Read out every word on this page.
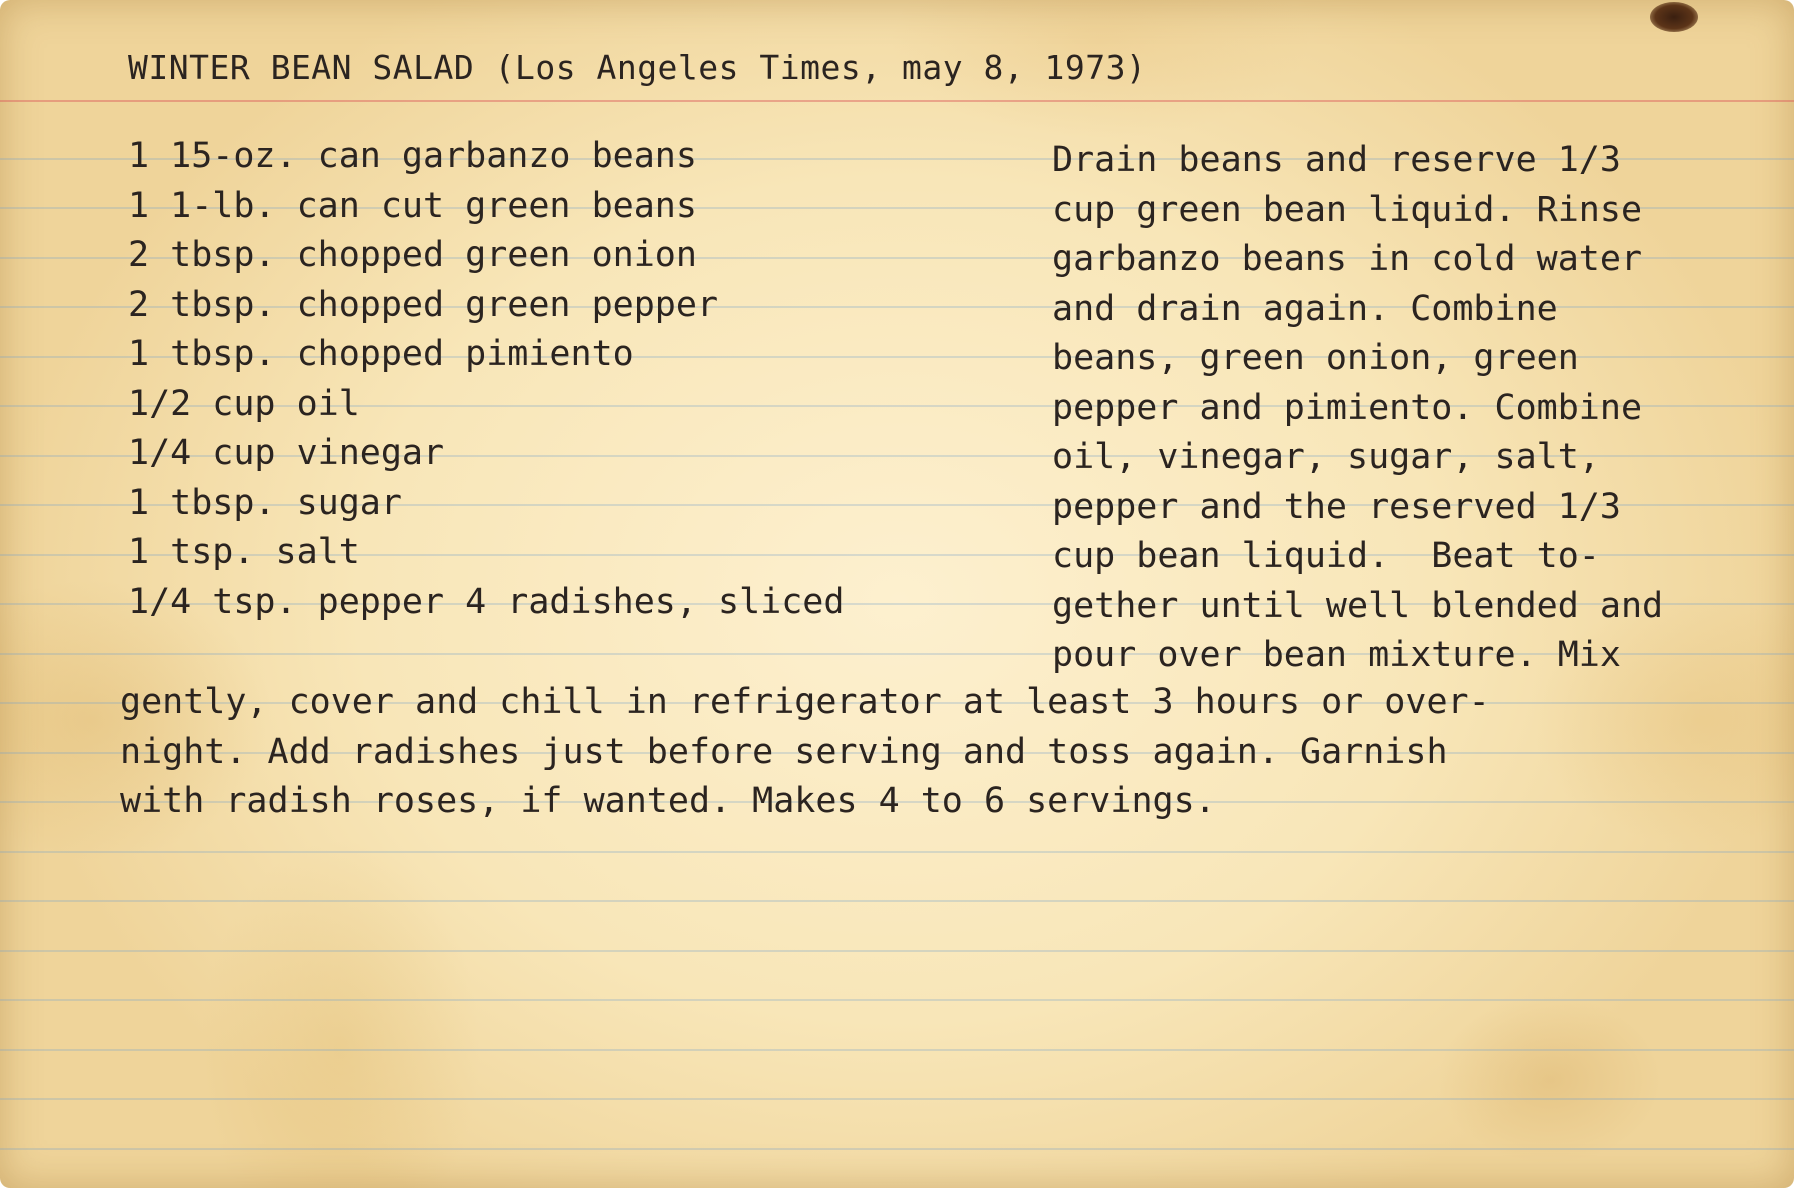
WINTER BEAN SALAD (Los Angeles Times, may 8, 1973)
1 15-oz. can garbanzo beans
1 1-lb. can cut green beans
2 tbsp. chopped green onion
2 tbsp. chopped green pepper
1 tbsp. chopped pimiento
1/2 cup oil
1/4 cup vinegar
1 tbsp. sugar
1 tsp. salt
1/4 tsp. pepper 4 radishes, sliced
Drain beans and reserve 1/3
cup green bean liquid. Rinse
garbanzo beans in cold water
and drain again. Combine
beans, green onion, green
pepper and pimiento. Combine
oil, vinegar, sugar, salt,
pepper and the reserved 1/3
cup bean liquid.  Beat to-
gether until well blended and
pour over bean mixture. Mix
gently, cover and chill in refrigerator at least 3 hours or over-
night. Add radishes just before serving and toss again. Garnish
with radish roses, if wanted. Makes 4 to 6 servings.
